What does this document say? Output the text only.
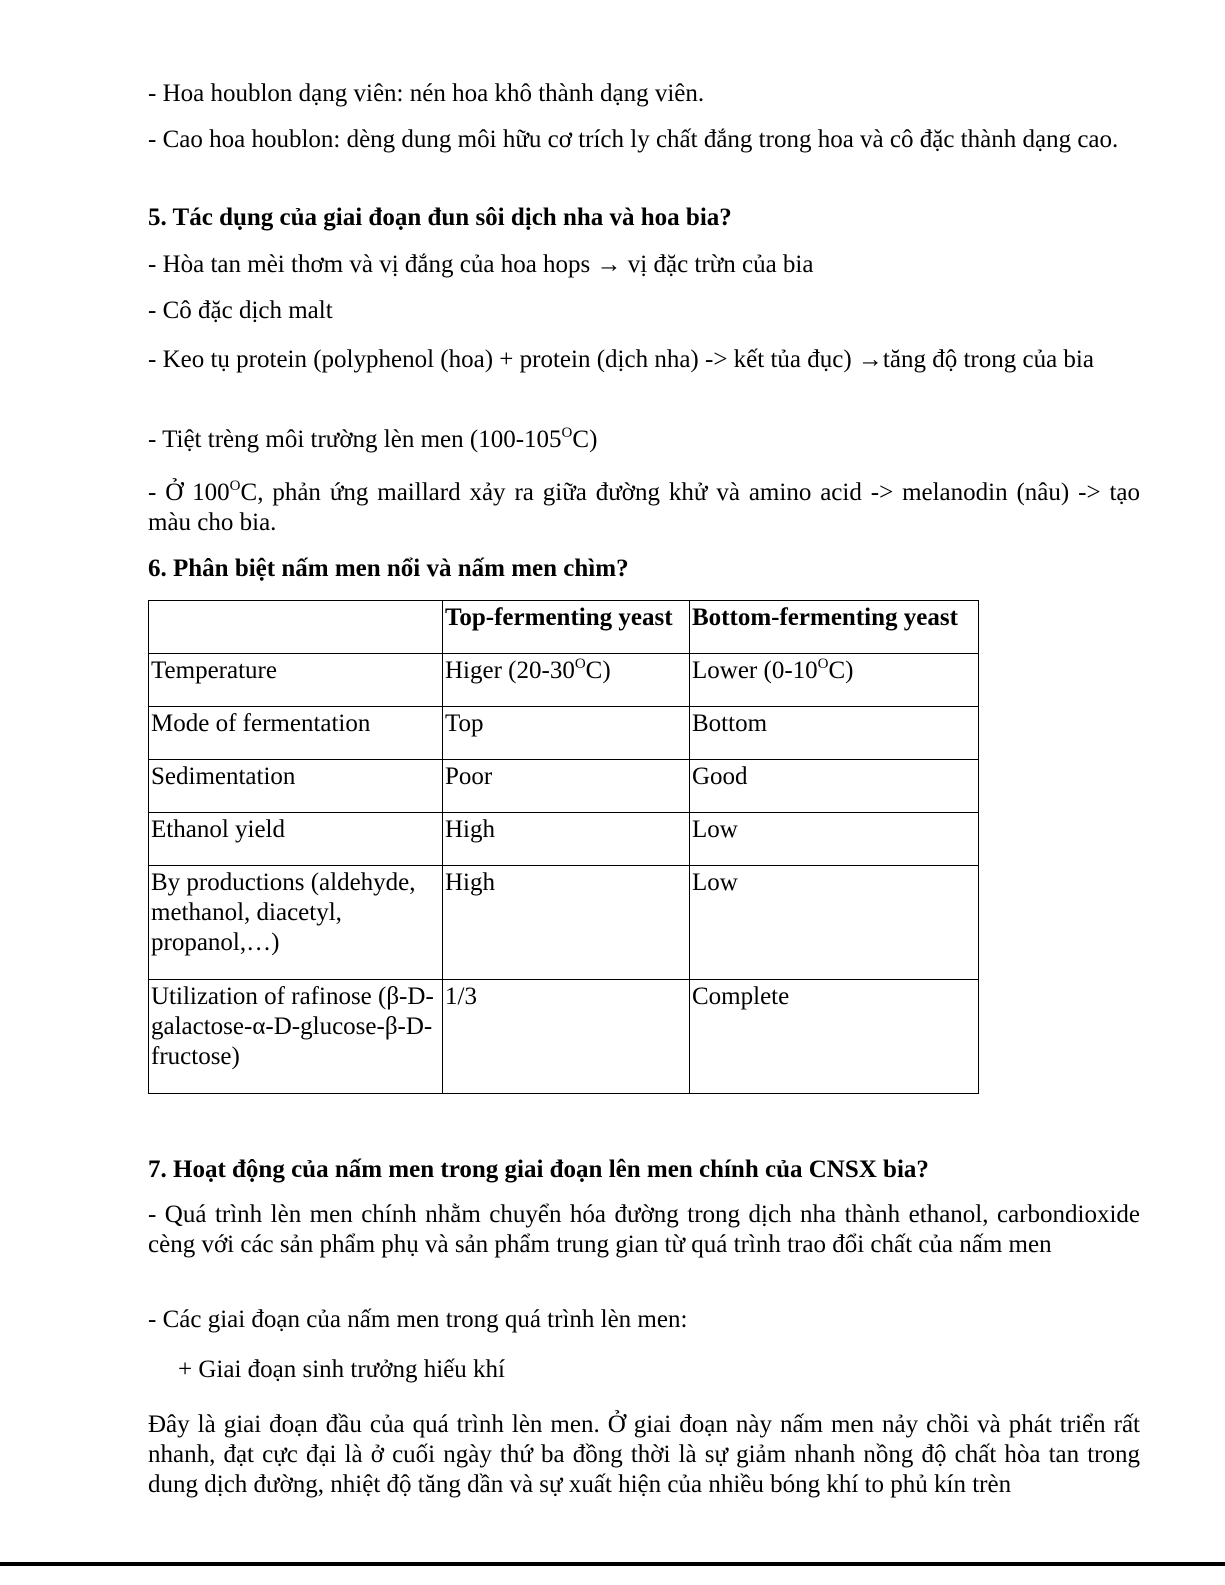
- Hoa houblon dạng viên: nén hoa khô thành dạng viên.

- Cao hoa houblon: dèng dung môi hữu cơ trích ly chất đắng trong hoa và cô đặc thành dạng cao.

5. Tác dụng của giai đoạn đun sôi dịch nha và hoa bia?

- Hòa tan mèi thơm và vị đắng của hoa hops → vị đặc trừn của bia

- Cô đặc dịch malt

- Keo tụ protein (polyphenol (hoa) + protein (dịch nha) -> kết tủa đục) →tăng độ trong của bia

- Tiệt trèng môi trường lèn men $(100-105^OC)$

- Ở $100^OC$, phản ứng maillard xảy ra giữa đường khử và amino acid -> melanodin (nâu) -> tạo màu cho bia.

6. Phân biệt nấm men nổi và nấm men chìm?

7. Hoạt động của nấm men trong giai đoạn lên men chính của CNSX bia?

- Quá trình lèn men chính nhằm chuyển hóa đường trong dịch nha thành ethanol, carbondioxide cèng với các sản phẩm phụ và sản phẩm trung gian từ quá trình trao đổi chất của nấm men

- Các giai đoạn của nấm men trong quá trình lèn men:

+ Giai đoạn sinh trưởng hiếu khí

Đây là giai đoạn đầu của quá trình lèn men. Ở giai đoạn này nấm men nảy chồi và phát triển rất nhanh, đạt cực đại là ở cuối ngày thứ ba đồng thời là sự giảm nhanh nồng độ chất hòa tan trong dung dịch đường, nhiệt độ tăng dần và sự xuất hiện của nhiều bóng khí to phủ kín trèn

	Top-fermenting yeast	Bottom-fermenting yeast
Temperature	Higer $(20-30^OC)$	Lower $(0-10^OC)$
Mode of fermentation	Top	Bottom
Sedimentation	Poor	Good
Ethanol yield	High	Low
By productions (aldehyde, methanol, diacetyl, propanol,…)	High	Low
Utilization of rafinose (β-D-galactose-α-D-glucose-β-D-fructose)	1/3	Complete
